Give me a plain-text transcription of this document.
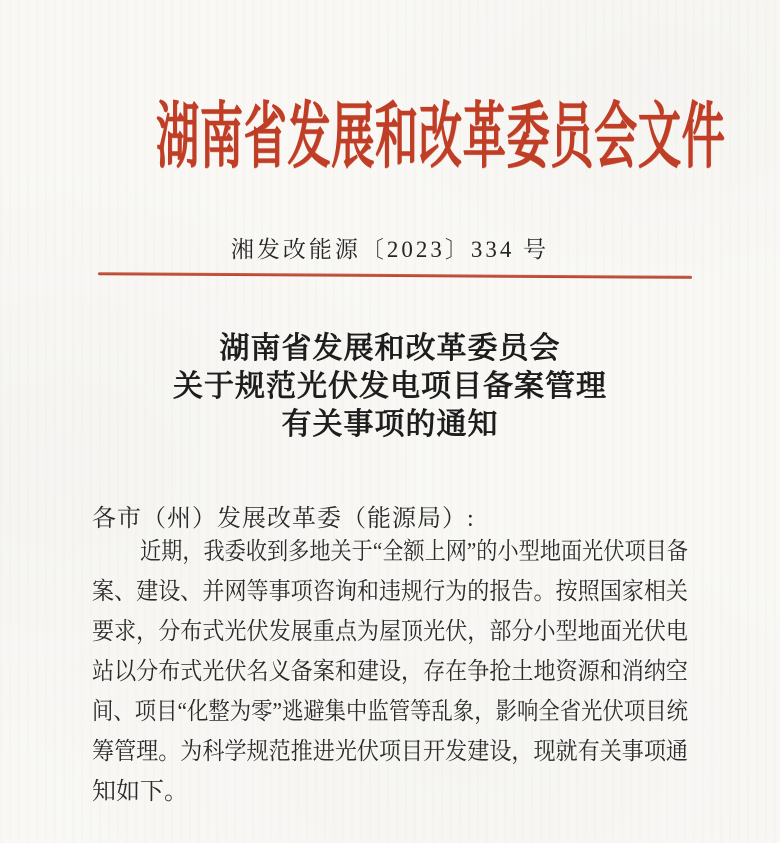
湖南省发展和改革委员会文件
湘发改能源〔2023〕334 号
湖南省发展和改革委员会
关于规范光伏发电项目备案管理
有关事项的通知
各市（州）发展改革委（能源局）:
近期，我委收到多地关于“全额上网”的小型地面光伏项目备
案、建设、并网等事项咨询和违规行为的报告。按照国家相关
要求，分布式光伏发展重点为屋顶光伏，部分小型地面光伏电
站以分布式光伏名义备案和建设，存在争抢土地资源和消纳空
间、项目“化整为零”逃避集中监管等乱象，影响全省光伏项目统
筹管理。为科学规范推进光伏项目开发建设，现就有关事项通
知如下。
